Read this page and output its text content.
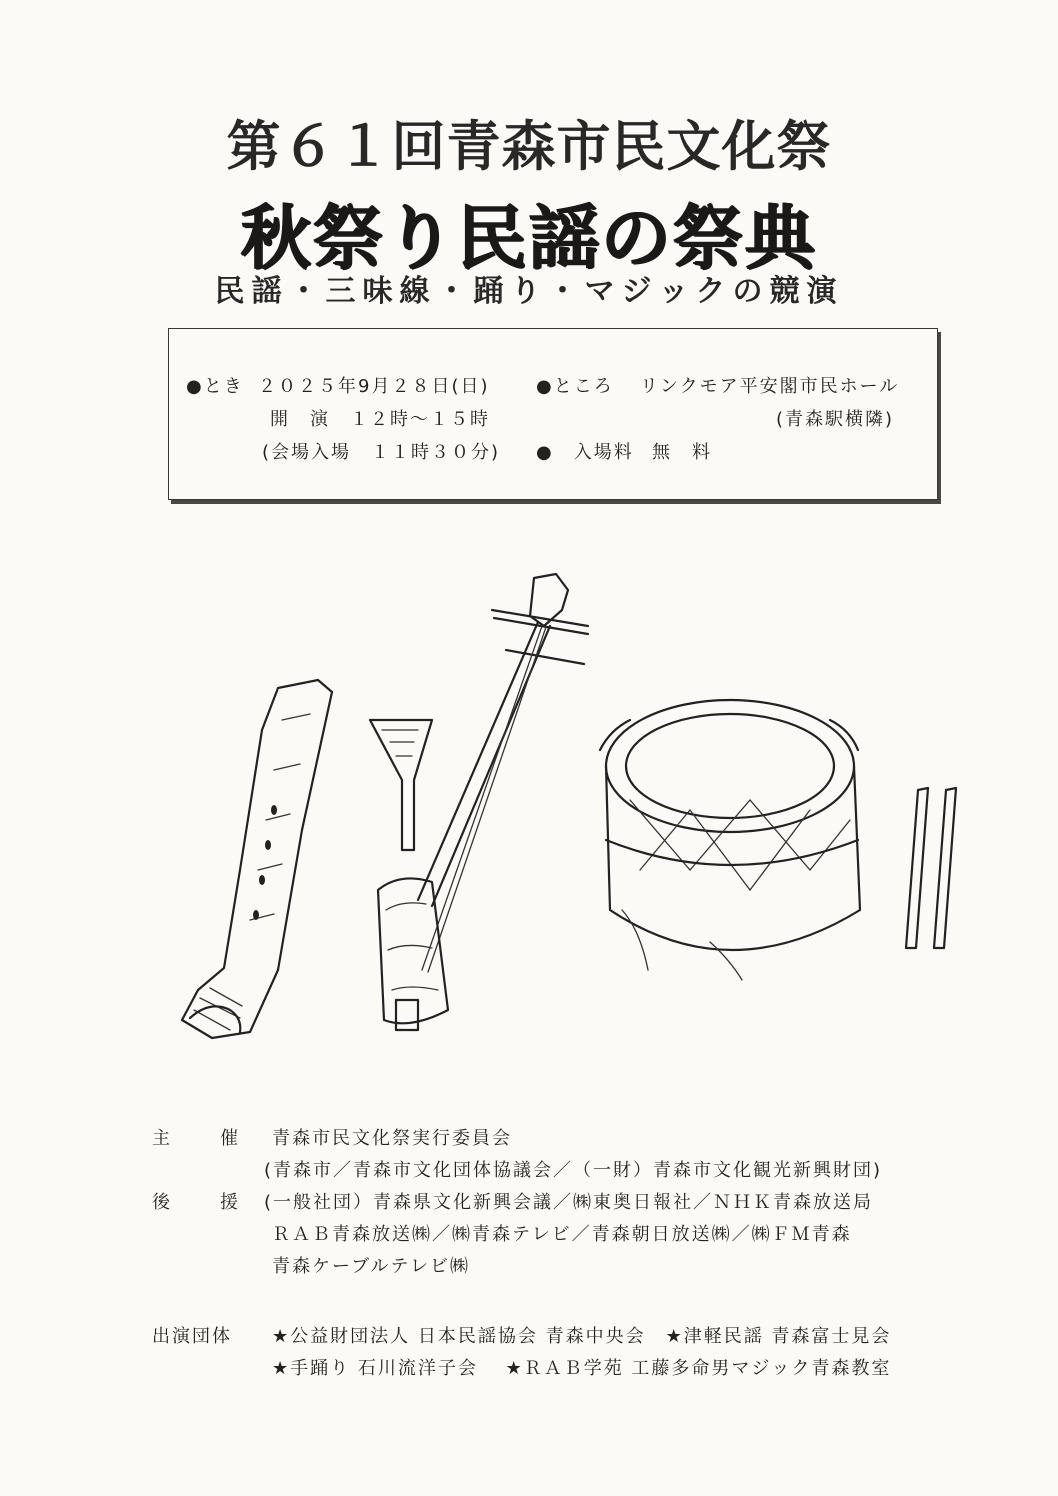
第６１回青森市民文化祭
秋祭り民謡の祭典
民謡・三味線・踊り・マジックの競演
●とき ２０２５年9月２８日(日)	●ところ リンクモア平安閣市民ホール
開　演　１２時～１５時	(青森駅横隣)
(会場入場　１１時３０分) ●　入場料 無　料
主　催 青森市民文化祭実行委員会
(青森市／青森市文化団体協議会／（一財）青森市文化観光新興財団)
後　援 (一般社団）青森県文化新興会議／㈱東奥日報社／ＮＨＫ青森放送局
ＲＡＢ青森放送㈱／㈱青森テレビ／青森朝日放送㈱／㈱ＦＭ青森
青森ケーブルテレビ㈱
出演団体 ★公益財団法人 日本民謡協会 青森中央会　★津軽民謡 青森富士見会
★手踊り 石川流洋子会　 ★ＲＡＢ学苑 工藤多命男マジック青森教室
